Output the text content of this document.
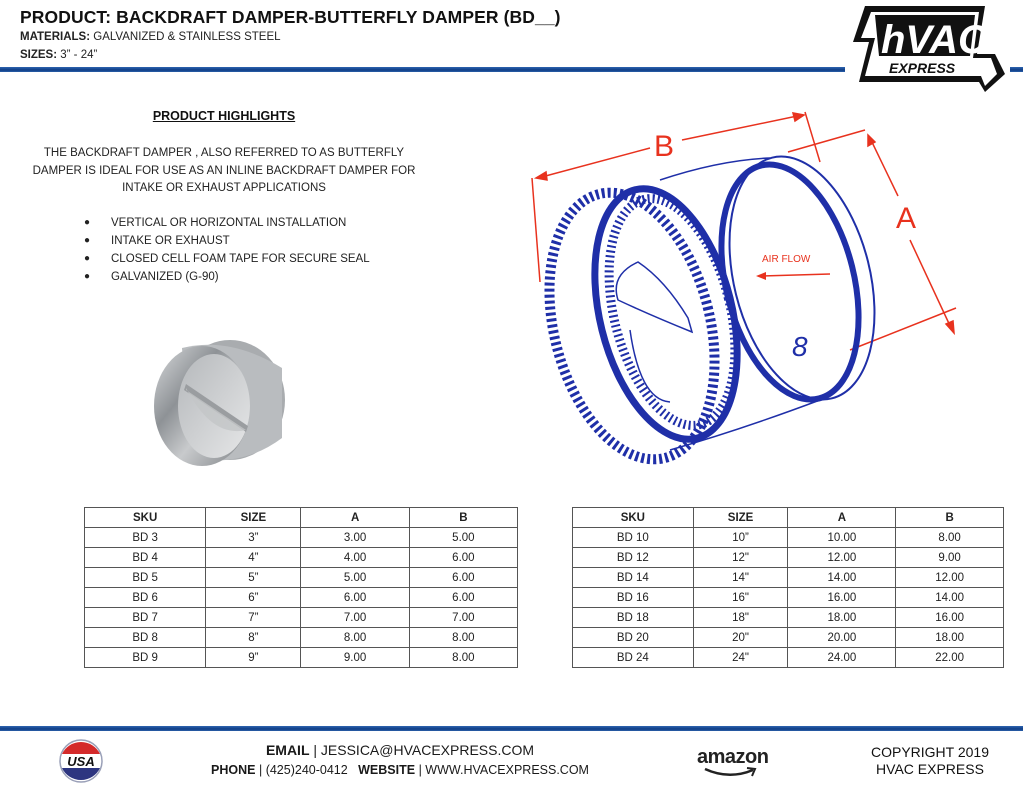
PRODUCT: BACKDRAFT DAMPER-BUTTERFLY DAMPER (BD__)
MATERIALS: GALVANIZED & STAINLESS STEEL
SIZES: 3” - 24”	hVAC
EXPRESS
PRODUCT HIGHLIGHTS
THE BACKDRAFT DAMPER , ALSO REFERRED TO AS BUTTERFLY DAMPER IS IDEAL FOR USE AS AN INLINE BACKDRAFT DAMPER FOR INTAKE OR EXHAUST APPLICATIONS
●	VERTICAL OR HORIZONTAL INSTALLATION
●	INTAKE OR EXHAUST
●	CLOSED CELL FOAM TAPE FOR SECURE SEAL
●	GALVANIZED (G-90)
B
A
AIR FLOW
8
SKU	SIZE	A	B
BD 3	3”	3.00	5.00
BD 4	4”	4.00	6.00
BD 5	5”	5.00	6.00
BD 6	6”	6.00	6.00
BD 7	7”	7.00	7.00
BD 8	8”	8.00	8.00
BD 9	9”	9.00	8.00
SKU	SIZE	A	B
BD 10	10”	10.00	8.00
BD 12	12"	12.00	9.00
BD 14	14"	14.00	12.00
BD 16	16"	16.00	14.00
BD 18	18"	18.00	16.00
BD 20	20"	20.00	18.00
BD 24	24"	24.00	22.00
USA
EMAIL | JESSICA@HVACEXPRESS.COM
PHONE | (425)240-0412 WEBSITE | WWW.HVACEXPRESS.COM
amazon	COPYRIGHT 2019
HVAC EXPRESS
